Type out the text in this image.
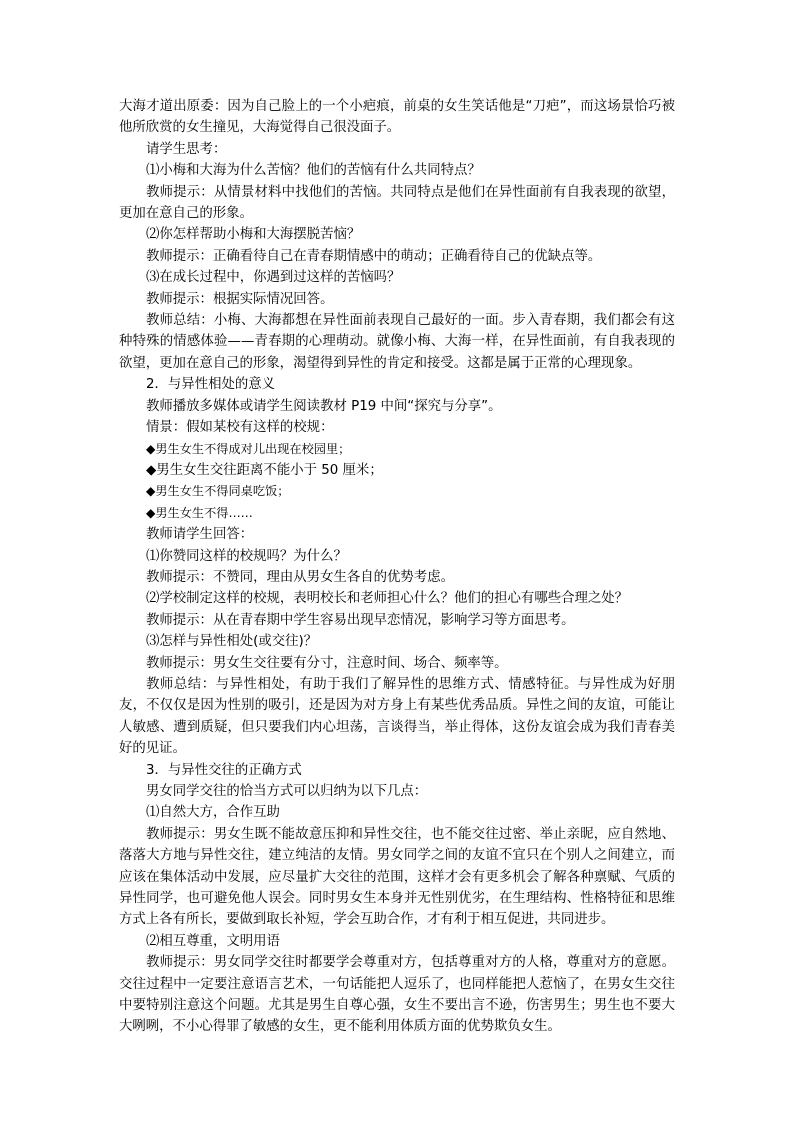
大海才道出原委：因为自己脸上的一个小疤痕，前桌的女生笑话他是“刀疤”，而这场景恰巧被他所欣赏的女生撞见，大海觉得自己很没面子。

请学生思考：

⑴小梅和大海为什么苦恼？他们的苦恼有什么共同特点？

教师提示：从情景材料中找他们的苦恼。共同特点是他们在异性面前有自我表现的欲望，更加在意自己的形象。

⑵你怎样帮助小梅和大海摆脱苦恼？

教师提示：正确看待自己在青春期情感中的萌动；正确看待自己的优缺点等。

⑶在成长过程中，你遇到过这样的苦恼吗？

教师提示：根据实际情况回答。

教师总结：小梅、大海都想在异性面前表现自己最好的一面。步入青春期，我们都会有这种特殊的情感体验——青春期的心理萌动。就像小梅、大海一样，在异性面前，有自我表现的欲望，更加在意自己的形象，渴望得到异性的肯定和接受。这都是属于正常的心理现象。

2．与异性相处的意义

教师播放多媒体或请学生阅读教材 P19 中间“探究与分享”。

情景：假如某校有这样的校规：

◆男生女生不得成对儿出现在校园里；

◆男生女生交往距离不能小于 50 厘米；

◆男生女生不得同桌吃饭；

◆男生女生不得……

教师请学生回答：

⑴你赞同这样的校规吗？为什么？

教师提示：不赞同，理由从男女生各自的优势考虑。

⑵学校制定这样的校规，表明校长和老师担心什么？他们的担心有哪些合理之处？

教师提示：从在青春期中学生容易出现早恋情况，影响学习等方面思考。

⑶怎样与异性相处(或交往)？

教师提示：男女生交往要有分寸，注意时间、场合、频率等。

教师总结：与异性相处，有助于我们了解异性的思维方式、情感特征。与异性成为好朋友，不仅仅是因为性别的吸引，还是因为对方身上有某些优秀品质。异性之间的友谊，可能让人敏感、遭到质疑，但只要我们内心坦荡，言谈得当，举止得体，这份友谊会成为我们青春美好的见证。

3．与异性交往的正确方式

男女同学交往的恰当方式可以归纳为以下几点：

⑴自然大方，合作互助

教师提示：男女生既不能故意压抑和异性交往，也不能交往过密、举止亲昵，应自然地、落落大方地与异性交往，建立纯洁的友情。男女同学之间的友谊不宜只在个别人之间建立，而应该在集体活动中发展，应尽量扩大交往的范围，这样才会有更多机会了解各种禀赋、气质的异性同学，也可避免他人误会。同时男女生本身并无性别优劣，在生理结构、性格特征和思维方式上各有所长，要做到取长补短，学会互助合作，才有利于相互促进，共同进步。

⑵相互尊重，文明用语

教师提示：男女同学交往时都要学会尊重对方，包括尊重对方的人格，尊重对方的意愿。交往过程中一定要注意语言艺术，一句话能把人逗乐了，也同样能把人惹恼了，在男女生交往中要特别注意这个问题。尤其是男生自尊心强，女生不要出言不逊，伤害男生；男生也不要大大咧咧，不小心得罪了敏感的女生，更不能利用体质方面的优势欺负女生。
